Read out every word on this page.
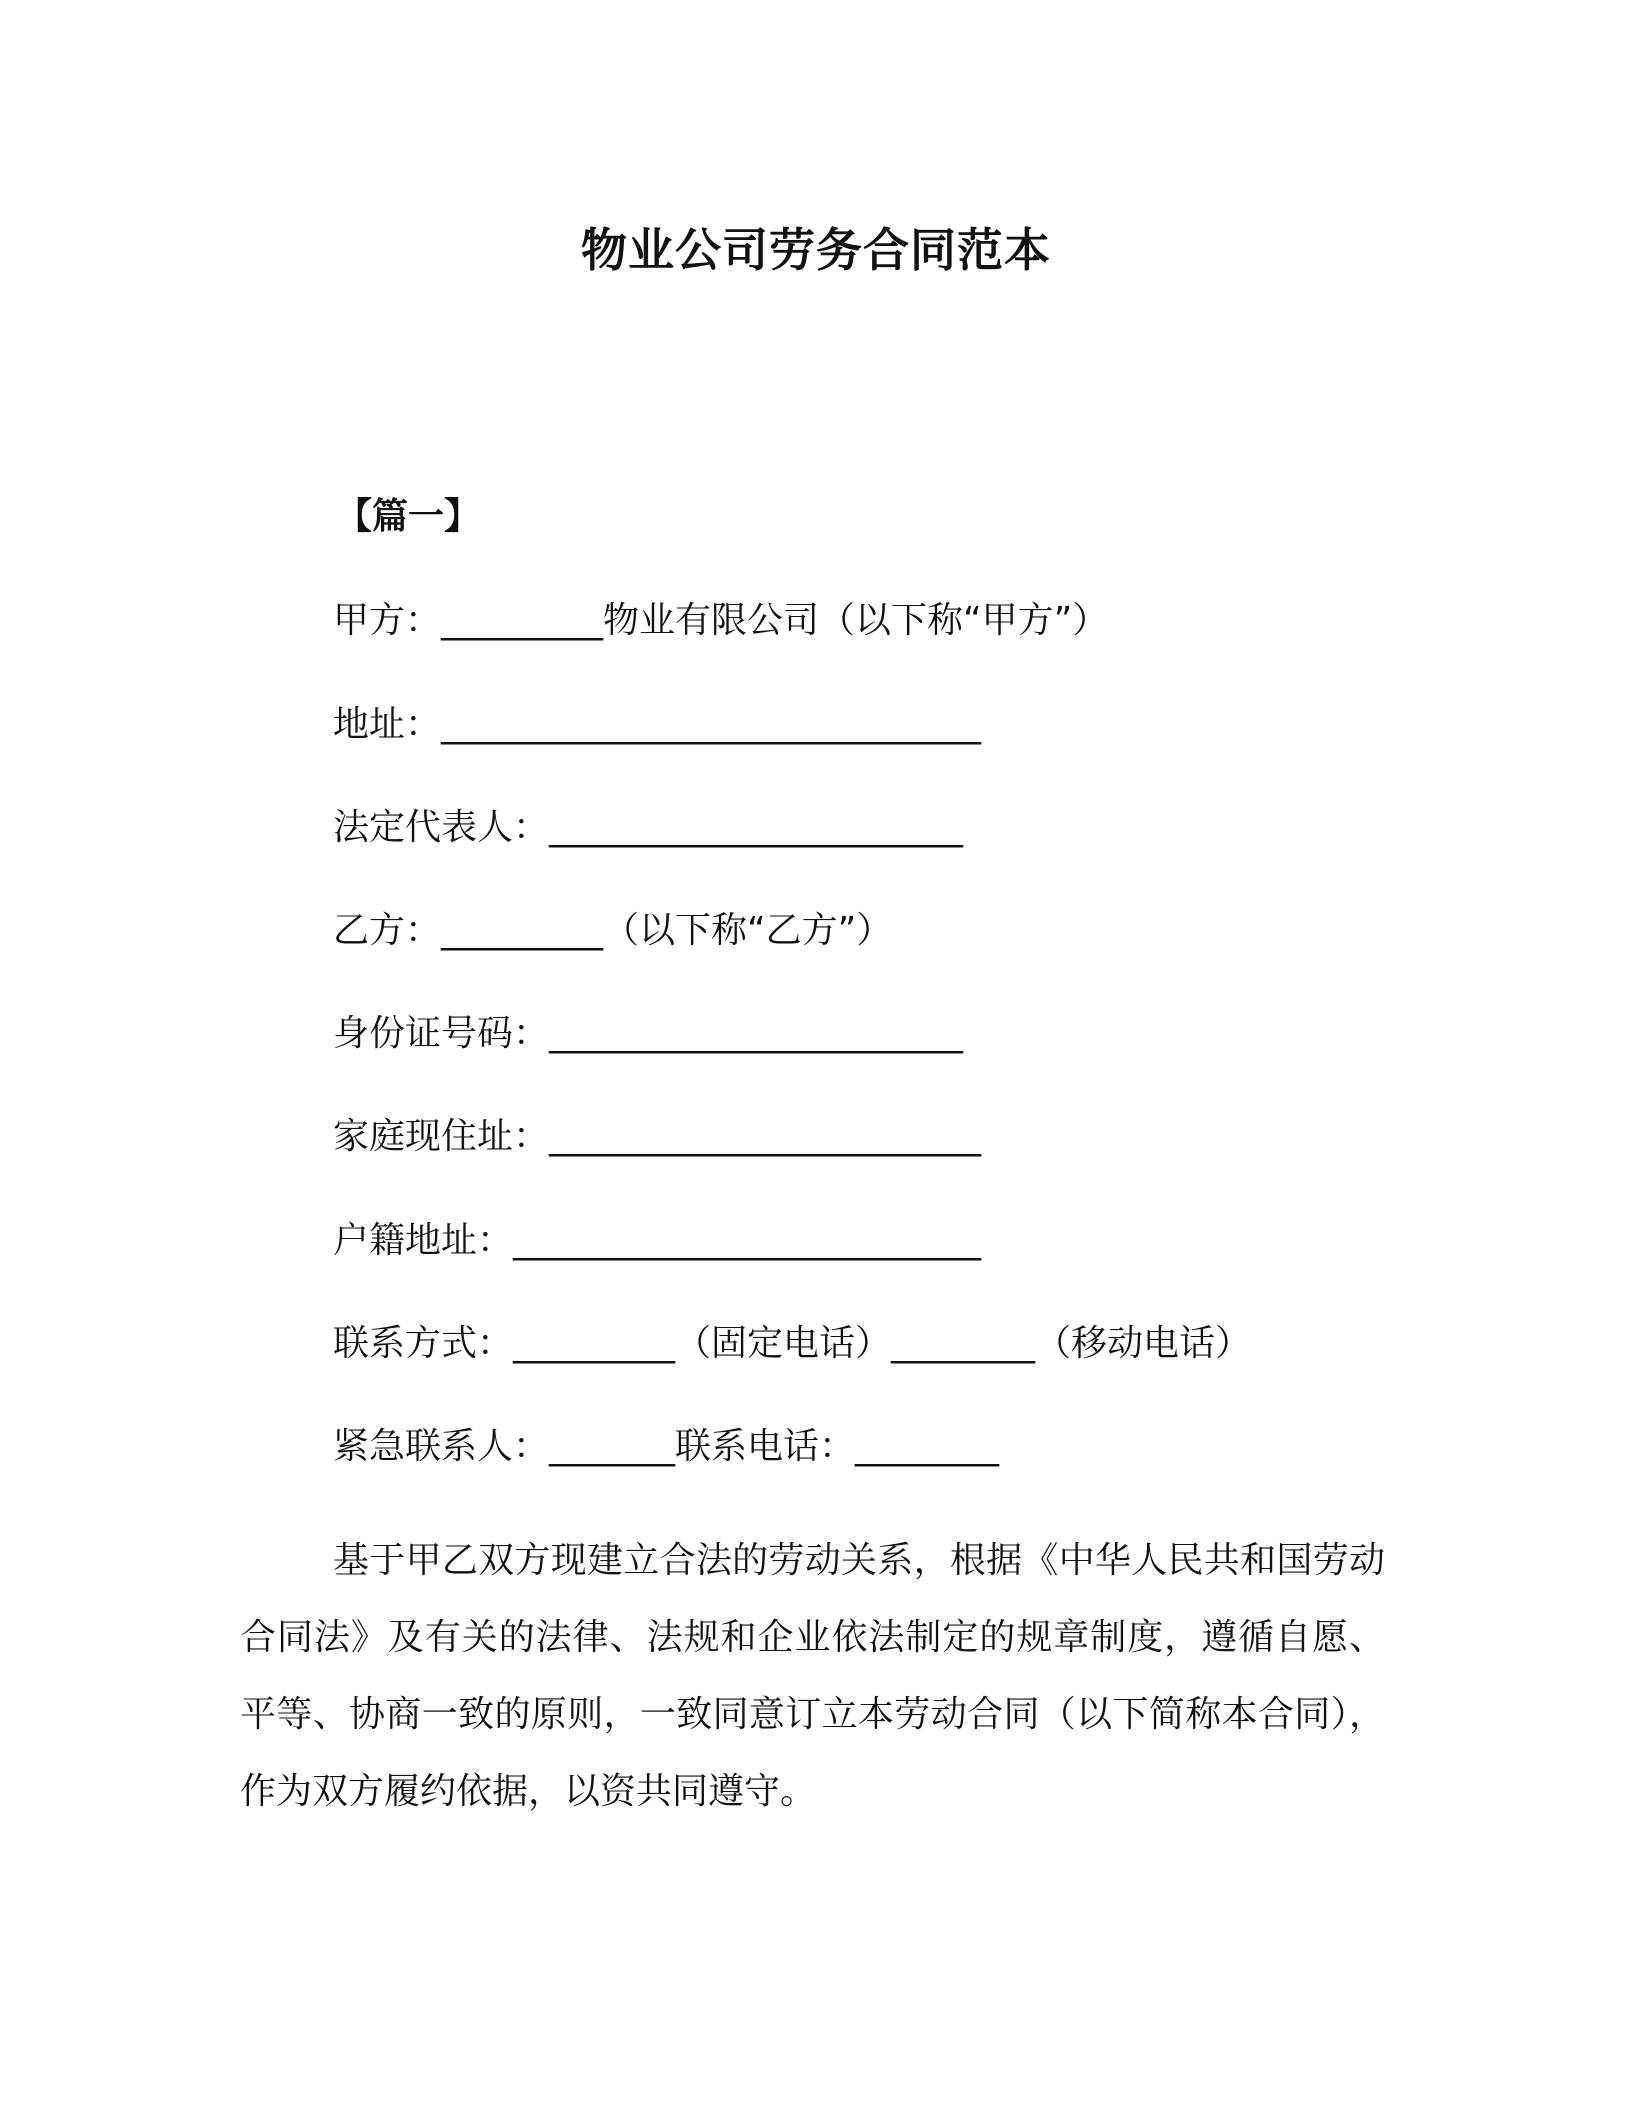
物业公司劳务合同范本
【篇一】
甲方：_________物业有限公司（以下称“甲方”）
地址：______________________________
法定代表人：_______________________
乙方：_________（以下称“乙方”）
身份证号码：_______________________
家庭现住址：________________________
户籍地址：__________________________
联系方式：_________（固定电话）________（移动电话）
紧急联系人：_______联系电话：________
基于甲乙双方现建立合法的劳动关系，根据《中华人民共和国劳动合同法》及有关的法律、法规和企业依法制定的规章制度，遵循自愿、平等、协商一致的原则，一致同意订立本劳动合同（以下简称本合同），作为双方履约依据，以资共同遵守。
